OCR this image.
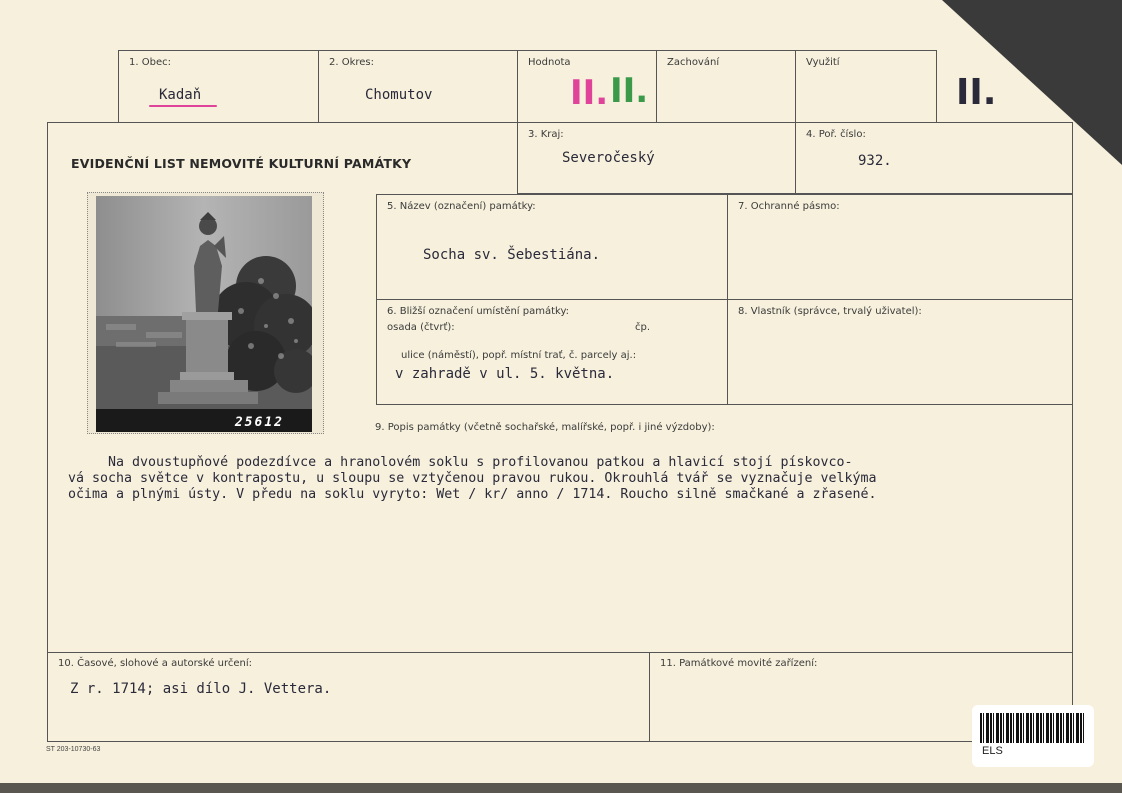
1. Obec:
Kadaň
2. Okres:
Chomutov
Hodnota
II. II.
Zachování	Využití
II.
EVIDENČNÍ LIST NEMOVITÉ KULTURNÍ PAMÁTKY
3. Kraj:
Severočeský
4. Poř. číslo:
932.
25612
5. Název (označení) památky:
Socha sv. Šebestiána.
7. Ochranné pásmo:
6. Bližší označení umístění památky:
osada (čtvrť):	čp.
ulice (náměstí), popř. místní trať, č. parcely aj.:
v zahradě v ul. 5. května.
8. Vlastník (správce, trvalý uživatel):
9. Popis památky (včetně sochařské, malířské, popř. i jiné výzdoby):
Na dvoustupňové podezdívce a hranolovém soklu s profilovanou patkou a hlavicí stojí pískovco-
vá socha světce v kontrapostu, u sloupu se vztyčenou pravou rukou. Okrouhlá tvář se vyznačuje velkýma
očima a plnými ústy. V předu na soklu vyryto: Wet / kr/ anno / 1714. Roucho silně smačkané a zřasené.
10. Časové, slohové a autorské určení:
Z r. 1714; asi dílo J. Vettera.
11. Památkové movité zařízení:
ST 203-10730-63	ELS
